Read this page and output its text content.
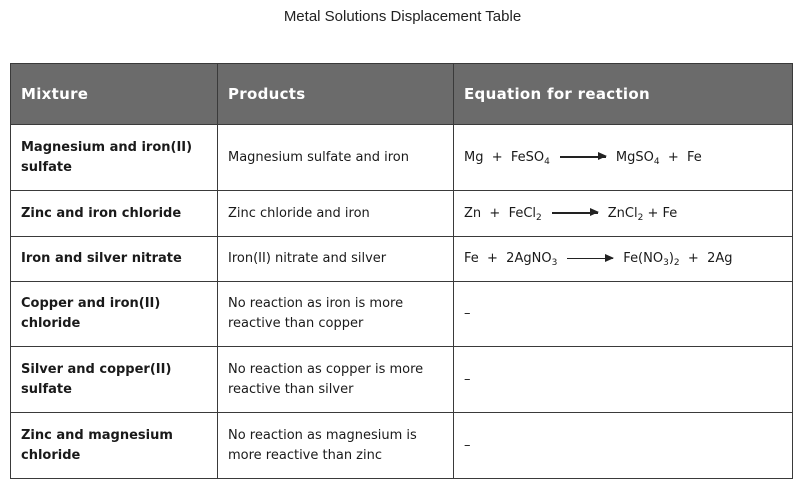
Metal Solutions Displacement Table
Mixture	Products	Equation for reaction
Magnesium and iron(II) sulfate	Magnesium sulfate and iron	Mg  +  FeSO$_4$ → MgSO$_4$  +  Fe
Zinc and iron chloride	Zinc chloride and iron	Zn  +  FeCl$_2$ → ZnCl$_2$ + Fe
Iron and silver nitrate	Iron(II) nitrate and silver	Fe  +  2AgNO$_3$ → $Fe(NO_3)_2 + 2Ag$
Copper and iron(II) chloride	No reaction as iron is more reactive than copper	–
Silver and copper(II) sulfate	No reaction as copper is more reactive than silver	–
Zinc and magnesium chloride	No reaction as magnesium is more reactive than zinc	–
